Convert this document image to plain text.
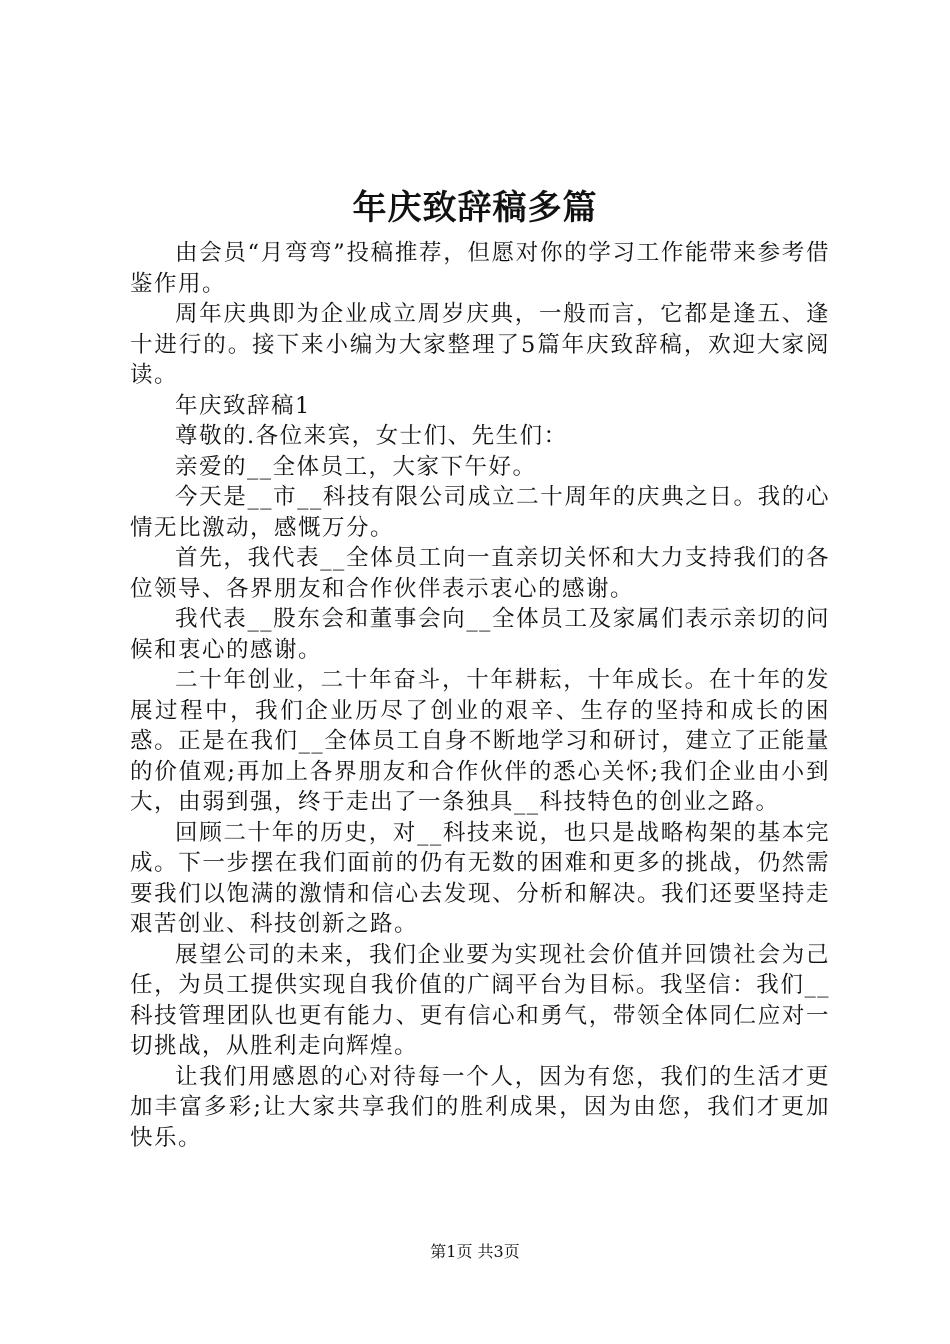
年庆致辞稿多篇

由会员“月弯弯”投稿推荐，但愿对你的学习工作能带来参考借鉴作用。

周年庆典即为企业成立周岁庆典，一般而言，它都是逢五、逢十进行的。接下来小编为大家整理了5篇年庆致辞稿，欢迎大家阅读。

年庆致辞稿1

尊敬的.各位来宾，女士们、先生们：

亲爱的__全体员工，大家下午好。

今天是__市__科技有限公司成立二十周年的庆典之日。我的心情无比激动，感慨万分。

首先，我代表__全体员工向一直亲切关怀和大力支持我们的各位领导、各界朋友和合作伙伴表示衷心的感谢。

我代表__股东会和董事会向__全体员工及家属们表示亲切的问候和衷心的感谢。

二十年创业，二十年奋斗，十年耕耘，十年成长。在十年的发展过程中，我们企业历尽了创业的艰辛、生存的坚持和成长的困惑。正是在我们__全体员工自身不断地学习和研讨，建立了正能量的价值观;再加上各界朋友和合作伙伴的悉心关怀;我们企业由小到大，由弱到强，终于走出了一条独具__科技特色的创业之路。

回顾二十年的历史，对__科技来说，也只是战略构架的基本完成。下一步摆在我们面前的仍有无数的困难和更多的挑战，仍然需要我们以饱满的激情和信心去发现、分析和解决。我们还要坚持走艰苦创业、科技创新之路。

展望公司的未来，我们企业要为实现社会价值并回馈社会为己任，为员工提供实现自我价值的广阔平台为目标。我坚信：我们__科技管理团队也更有能力、更有信心和勇气，带领全体同仁应对一切挑战，从胜利走向辉煌。

让我们用感恩的心对待每一个人，因为有您，我们的生活才更加丰富多彩;让大家共享我们的胜利成果，因为由您，我们才更加快乐。

第1页 共3页
